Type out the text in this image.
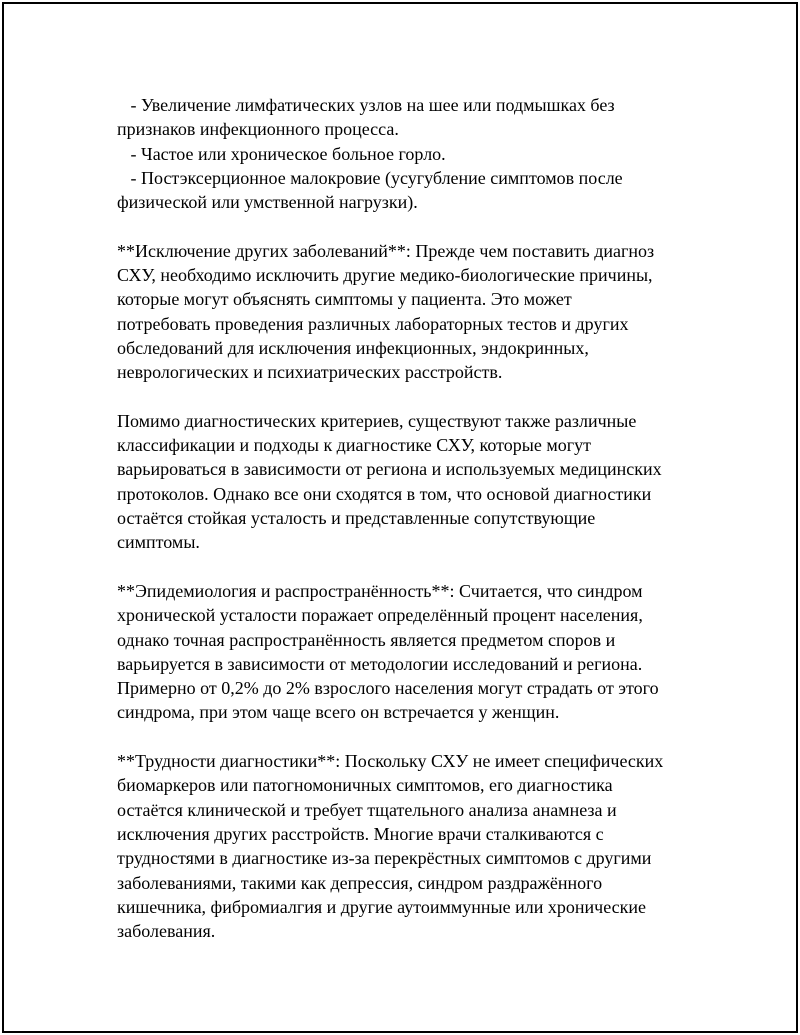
- Увеличение лимфатических узлов на шее или подмышках без
признаков инфекционного процесса.
- Частое или хроническое больное горло.
- Постэксерционное малокровие (усугубление симптомов после
физической или умственной нагрузки).

**Исключение других заболеваний**: Прежде чем поставить диагноз
СХУ, необходимо исключить другие медико-биологические причины,
которые могут объяснять симптомы у пациента. Это может
потребовать проведения различных лабораторных тестов и других
обследований для исключения инфекционных, эндокринных,
неврологических и психиатрических расстройств.

Помимо диагностических критериев, существуют также различные
классификации и подходы к диагностике СХУ, которые могут
варьироваться в зависимости от региона и используемых медицинских
протоколов. Однако все они сходятся в том, что основой диагностики
остаётся стойкая усталость и представленные сопутствующие
симптомы.

**Эпидемиология и распространённость**: Считается, что синдром
хронической усталости поражает определённый процент населения,
однако точная распространённость является предметом споров и
варьируется в зависимости от методологии исследований и региона.
Примерно от 0,2% до 2% взрослого населения могут страдать от этого
синдрома, при этом чаще всего он встречается у женщин.

**Трудности диагностики**: Поскольку СХУ не имеет специфических
биомаркеров или патогномоничных симптомов, его диагностика
остаётся клинической и требует тщательного анализа анамнеза и
исключения других расстройств. Многие врачи сталкиваются с
трудностями в диагностике из-за перекрёстных симптомов с другими
заболеваниями, такими как депрессия, синдром раздражённого
кишечника, фибромиалгия и другие аутоиммунные или хронические
заболевания.
